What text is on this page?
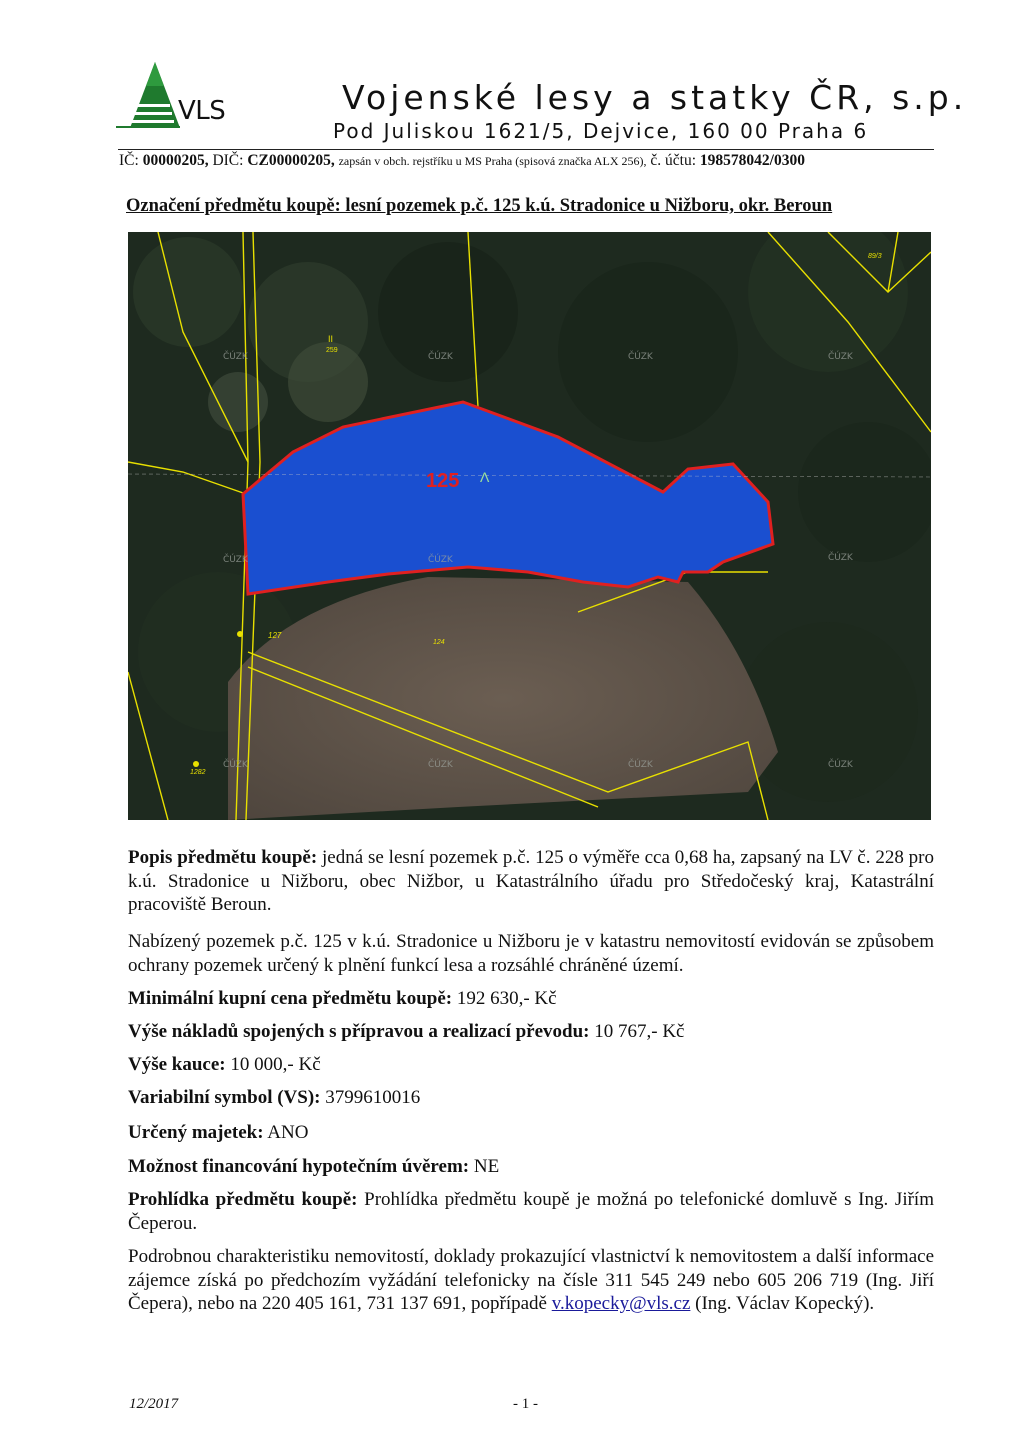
VLS	Vojenské lesy a statky ČR, s.p.
Pod Juliskou 1621/5, Dejvice, 160 00 Praha 6
IČ: 00000205, DIČ: CZ00000205, zapsán v obch. rejstříku u MS Praha (spisová značka ALX 256), č. účtu: 198578042/0300
Označení předmětu koupě: lesní pozemek p.č. 125 k.ú. Stradonice u Nižboru, okr. Beroun
125 Λ
II
259
127
124
1282
89/3
ČÚZK	ČÚZK	ČÚZK	ČÚZK
ČÚZK	ČÚZK	ČÚZK
ČÚZK	ČÚZK	ČÚZK	ČÚZK
Popis předmětu koupě: jedná se lesní pozemek p.č. 125 o výměře cca 0,68 ha, zapsaný na LV č. 228 pro k.ú. Stradonice u Nižboru, obec Nižbor, u Katastrálního úřadu pro Středočeský kraj, Katastrální pracoviště Beroun.
Nabízený pozemek p.č. 125 v k.ú. Stradonice u Nižboru je v katastru nemovitostí evidován se způsobem ochrany pozemek určený k plnění funkcí lesa a rozsáhlé chráněné území.
Minimální kupní cena předmětu koupě: 192 630,- Kč
Výše nákladů spojených s přípravou a realizací převodu: 10 767,- Kč
Výše kauce: 10 000,- Kč
Variabilní symbol (VS): 3799610016
Určený majetek: ANO
Možnost financování hypotečním úvěrem: NE
Prohlídka předmětu koupě: Prohlídka předmětu koupě je možná po telefonické domluvě s Ing. Jiřím Čeperou.
Podrobnou charakteristiku nemovitostí, doklady prokazující vlastnictví k nemovitostem a další informace zájemce získá po předchozím vyžádání telefonicky na čísle 311 545 249 nebo 605 206 719 (Ing. Jiří Čepera), nebo na 220 405 161, 731 137 691, popřípadě v.kopecky@vls.cz (Ing. Václav Kopecký).
12/2017	- 1 -
